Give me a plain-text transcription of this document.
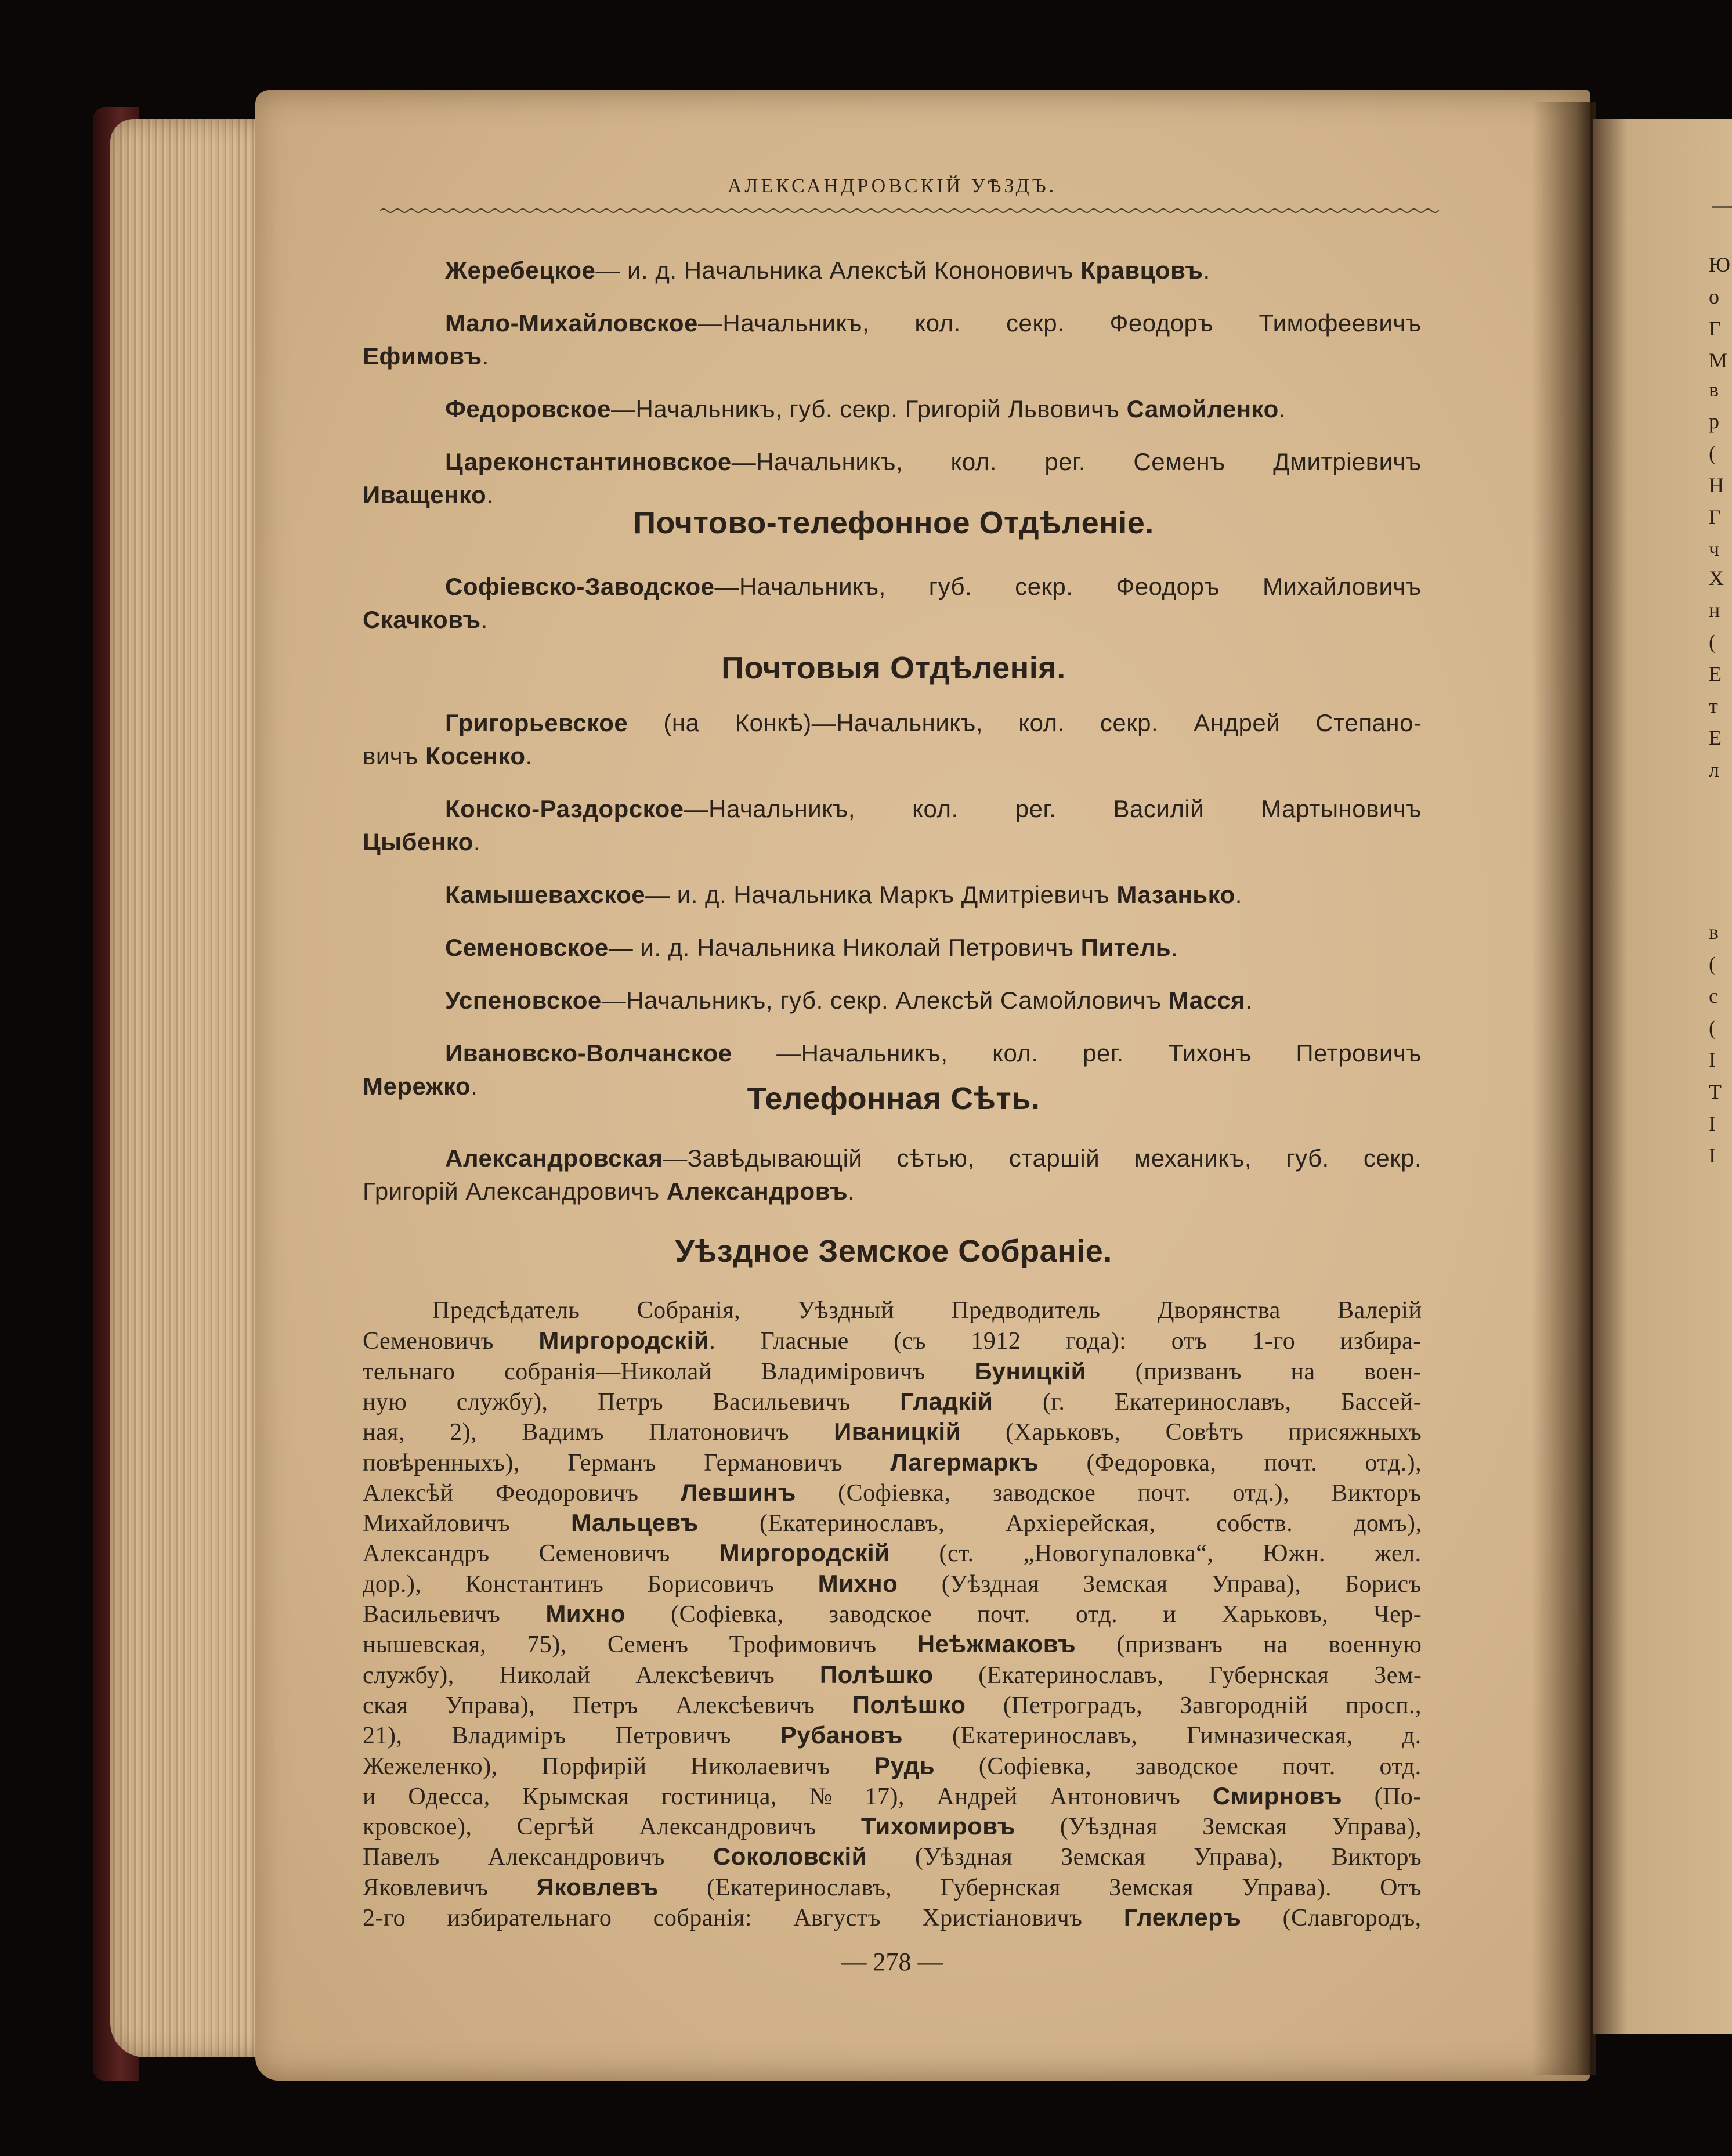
Ю
о
Г
М
в
р
(
Н
Г
ч
Х
н
(
Е
т
Е
л
в
(
с
(
І
Т
І
І
АЛЕКСАНДРОВСКІЙ УѢЗДЪ.
Жеребецкое— и. д. Начальника Алексѣй Кононовичъ Кравцовъ.
Мало-Михайловское—Начальникъ, кол. секр. Феодоръ Тимофеевичъ
Ефимовъ.
Федоровское—Начальникъ, губ. секр. Григорій Львовичъ Самойленко.
Цареконстантиновское—Начальникъ, кол. рег. Семенъ Дмитріевичъ
Иващенко.
Почтово-телефонное Отдѣленіе.
Софіевско-Заводское—Начальникъ, губ. секр. Феодоръ Михайловичъ
Скачковъ.
Почтовыя Отдѣленія.
Григорьевское (на Конкѣ)—Начальникъ, кол. секр. Андрей Степано-
вичъ Косенко.
Конско-Раздорское—Начальникъ, кол. рег. Василій Мартыновичъ
Цыбенко.
Камышевахское— и. д. Начальника Маркъ Дмитріевичъ Мазанько.
Семеновское— и. д. Начальника Николай Петровичъ Питель.
Успеновское—Начальникъ, губ. секр. Алексѣй Самойловичъ Масся.
Ивановско-Волчанское —Начальникъ, кол. рег. Тихонъ Петровичъ
Мережко.	Телефонная Сѣть.
Александровская—Завѣдывающій сѣтью, старшій механикъ, губ. секр.
Григорій Александровичъ Александровъ.
Уѣздное Земское Собраніе.
Предсѣдатель Собранія, Уѣздный Предводитель Дворянства Валерій
Семеновичъ Миргородскій. Гласные (съ 1912 года): отъ 1-го избира-
тельнаго собранія—Николай Владиміровичъ Буницкій (призванъ на воен-
ную службу), Петръ Васильевичъ Гладкій (г. Екатеринославъ, Бассей-
ная, 2), Вадимъ Платоновичъ Иваницкій (Харьковъ, Совѣтъ присяжныхъ
повѣренныхъ), Германъ Германовичъ Лагермаркъ (Федоровка, почт. отд.),
Алексѣй Феодоровичъ Левшинъ (Софіевка, заводское почт. отд.), Викторъ
Михайловичъ Мальцевъ (Екатеринославъ, Архіерейская, собств. домъ),
Александръ Семеновичъ Миргородскій (ст. „Новогупаловка“, Южн. жел.
дор.), Константинъ Борисовичъ Михно (Уѣздная Земская Управа), Борисъ
Васильевичъ Михно (Софіевка, заводское почт. отд. и Харьковъ, Чер-
нышевская, 75), Семенъ Трофимовичъ Неѣжмаковъ (призванъ на военную
службу), Николай Алексѣевичъ Полѣшко (Екатеринославъ, Губернская Зем-
ская Управа), Петръ Алексѣевичъ Полѣшко (Петроградъ, Завгородній просп.,
21), Владиміръ Петровичъ Рубановъ (Екатеринославъ, Гимназическая, д.
Жежеленко), Порфирій Николаевичъ Рудь (Софіевка, заводское почт. отд.
и Одесса, Крымская гостиница, № 17), Андрей Антоновичъ Смирновъ (По-
кровское), Сергѣй Александровичъ Тихомировъ (Уѣздная Земская Управа),
Павелъ Александровичъ Соколовскій (Уѣздная Земская Управа), Викторъ
Яковлевичъ Яковлевъ (Екатеринославъ, Губернская Земская Управа). Отъ
2-го избирательнаго собранія: Августъ Христіановичъ Глеклеръ (Славгородъ,
— 278 —
